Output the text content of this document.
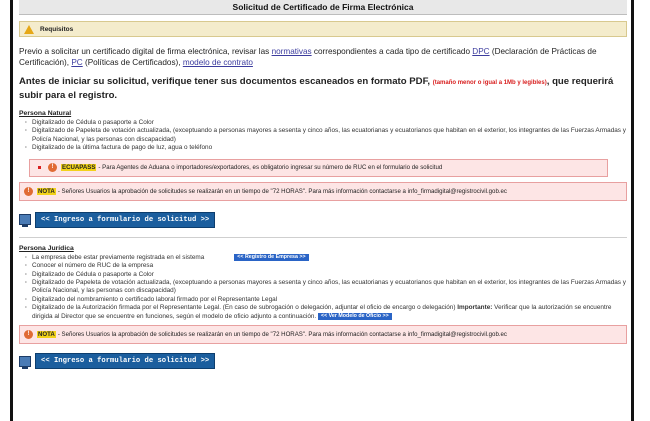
Solicitud de Certificado de Firma Electrónica
Requisitos
Previo a solicitar un certificado digital de firma electrónica, revisar las normativas correspondientes a cada tipo de certificado DPC (Declaración de Prácticas de Certificación), PC (Políticas de Certificados), modelo de contrato
Antes de iniciar su solicitud, verifique tener sus documentos escaneados en formato PDF, (tamaño menor o igual a 1Mb y legibles), que requerirá subir para el registro.
Persona Natural
· Digitalizado de Cédula o pasaporte a Color
· Digitalizado de Papeleta de votación actualizada, (exceptuando a personas mayores a sesenta y cinco años, las ecuatorianas y ecuatorianos que habitan en el exterior, los integrantes de las Fuerzas Armadas y Policía Nacional, y las personas con discapacidad)
· Digitalizado de la última factura de pago de luz, agua o teléfono
!	ECUAPASS - Para Agentes de Aduana o importadores/exportadores, es obligatorio ingresar su número de RUC en el formulario de solicitud
!	NOTA - Señores Usuarios la aprobación de solicitudes se realizarán en un tiempo de "72 HORAS". Para más información contactarse a info_firmadigital@registrocivil.gob.ec
<< Ingreso a formulario de solicitud >>
Persona Jurídica
· La empresa debe estar previamente registrada en el sistema	<< Registro de Empresa >>
· Conocer el número de RUC de la empresa
· Digitalizado de Cédula o pasaporte a Color
· Digitalizado de Papeleta de votación actualizada, (exceptuando a personas mayores a sesenta y cinco años, las ecuatorianas y ecuatorianos que habitan en el exterior, los integrantes de las Fuerzas Armadas y Policía Nacional, y las personas con discapacidad)
· Digitalizado del nombramiento o certificado laboral firmado por el Representante Legal
· Digitalizado de la Autorización firmada por el Representante Legal. (En caso de subrogación o delegación, adjuntar el oficio de encargo o delegación) Importante: Verificar que la autorización se encuentre dirigida al Director que se encuentre en funciones, según el modelo de oficio adjunto a continuación. << Ver Modelo de Oficio >>
!	NOTA - Señores Usuarios la aprobación de solicitudes se realizarán en un tiempo de "72 HORAS". Para más información contactarse a info_firmadigital@registrocivil.gob.ec
<< Ingreso a formulario de solicitud >>
